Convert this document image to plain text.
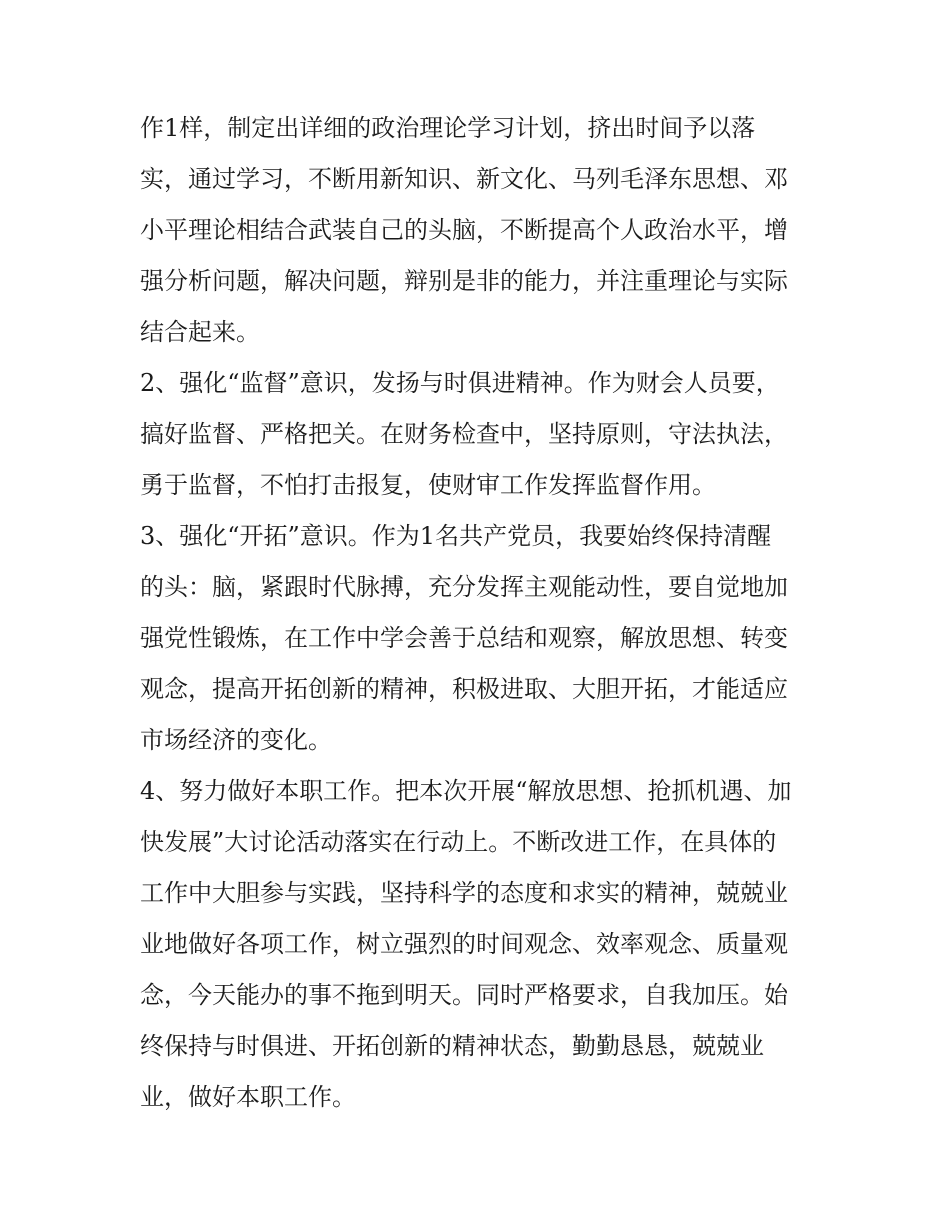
作1样，制定出详细的政治理论学习计划，挤出时间予以落
实，通过学习，不断用新知识、新文化、马列毛泽东思想、邓
小平理论相结合武装自己的头脑，不断提高个人政治水平，增
强分析问题，解决问题，辩别是非的能力，并注重理论与实际
结合起来。
2、强化“监督”意识，发扬与时俱进精神。作为财会人员要，
搞好监督、严格把关。在财务检查中，坚持原则，守法执法，
勇于监督，不怕打击报复，使财审工作发挥监督作用。
3、强化“开拓”意识。作为1名共产党员，我要始终保持清醒
的头：脑，紧跟时代脉搏，充分发挥主观能动性，要自觉地加
强党性锻炼，在工作中学会善于总结和观察，解放思想、转变
观念，提高开拓创新的精神，积极进取、大胆开拓，才能适应
市场经济的变化。
4、努力做好本职工作。把本次开展“解放思想、抢抓机遇、加
快发展”大讨论活动落实在行动上。不断改进工作，在具体的
工作中大胆参与实践，坚持科学的态度和求实的精神，兢兢业
业地做好各项工作，树立强烈的时间观念、效率观念、质量观
念，今天能办的事不拖到明天。同时严格要求，自我加压。始
终保持与时俱进、开拓创新的精神状态，勤勤恳恳，兢兢业
业，做好本职工作。
